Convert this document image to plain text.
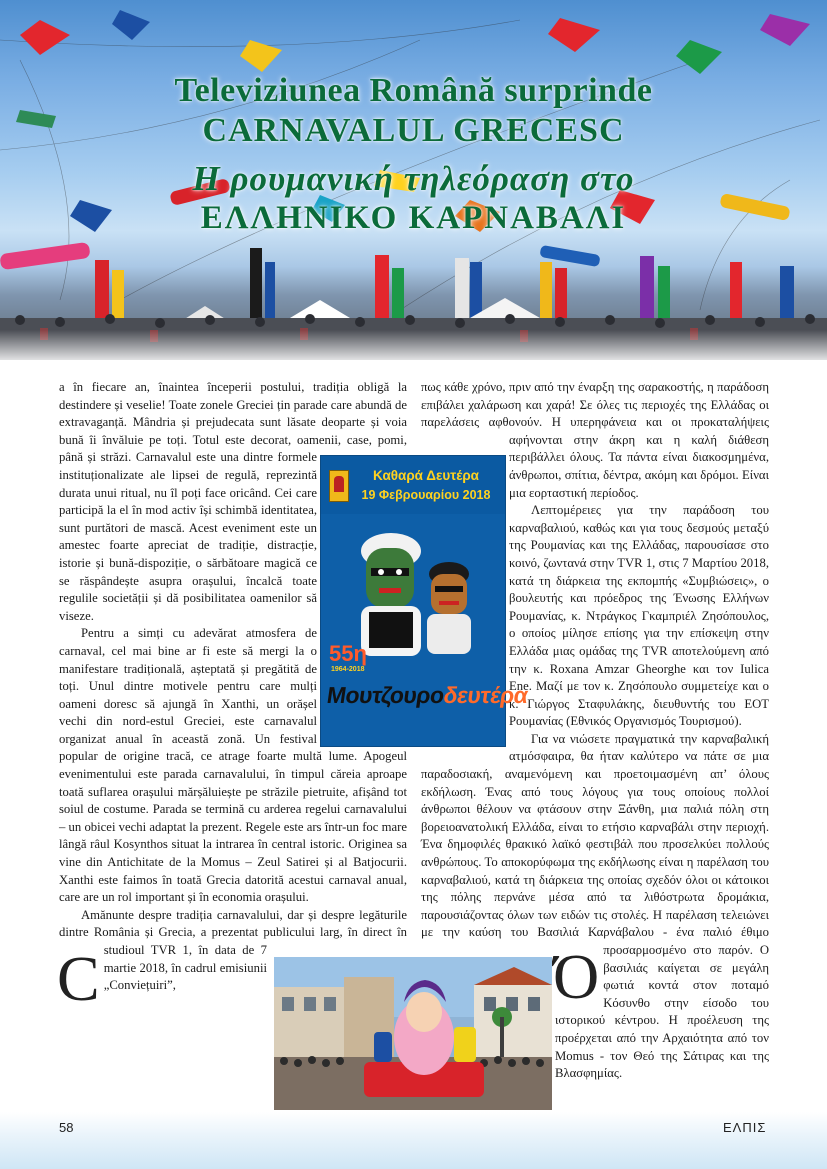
Televiziunea Română surprinde
CARNAVALUL GRECESC
Η ρουμανική τηλεόραση στο
ΕΛΛΗΝΙΚΟ ΚΑΡΝΑΒΑΛΙ
Καθαρά Δευτέρα
19 Φεβρουαρίου 2018
55η
1964-2018
Μουτζουροδευτέρα

C
a în fiecare an, înaintea începerii postului, tradiția obligă la destindere și veselie! Toate zonele Greciei țin parade care abundă de extravaganță. Mândria și prejudecata sunt lăsate deoparte și voia bună îi învăluie pe toți. Totul este decorat, oamenii, case, pomi, până și străzi. Carnavalul este una dintre formele instituționalizate ale lipsei de regulă, reprezintă durata unui ritual, nu îl poți face oricând. Cei care participă la el în mod activ își schimbă identitatea, sunt purtători de mască. Acest eveniment este un amestec foarte apreciat de tradiție, distracție, istorie și bună-dispoziție, o sărbătoare magică ce se răspândește asupra orașului, încalcă toate regulile societății și dă posibilitatea oamenilor să viseze.

Pentru a simți cu adevărat atmosfera de carnaval, cel mai bine ar fi este să mergi la o manifestare tradițională, așteptată și pregătită de toți. Unul dintre motivele pentru care mulți oameni doresc să ajungă în Xanthi, un orășel vechi din nord-estul Greciei, este carnavalul organizat anual în această zonă. Un festival popular de origine tracă, ce atrage foarte multă lume. Apogeul evenimentului este parada carnavalului, în timpul căreia aproape toată suflarea orașului mărșăluiește pe străzile pietruite, afișând tot soiul de costume. Parada se termină cu arderea regelui carnavalului – un obicei vechi adaptat la prezent. Regele este ars într-un foc mare lângă râul Kosynthos situat la intrarea în central istoric. Originea sa vine din Antichitate de la Momus – Zeul Satirei și al Batjocurii. Xanthi este faimos în toată Grecia datorită acestui carnaval anual, care are un rol important și în economia orașului.

Amănunte despre tradiția carnavalului, dar și despre legăturile dintre România și Grecia, a prezentat publicului larg, în direct în studioul TVR 1, în data de 7 martie 2018, în cadrul emisiunii „Conviețuiri”,	Ό
πως κάθε χρόνο, πριν από την έναρξη της σαρακοστής, η παράδοση επιβάλει χαλάρωση και χαρά! Σε όλες τις περιοχές της Ελλάδας οι παρελάσεις αφθονούν. Η υπερηφάνεια και οι προκαταλήψεις αφήνονται στην άκρη και η καλή διάθεση περιβάλλει όλους. Τα πάντα είναι διακοσμημένα, άνθρωποι, σπίτια, δέντρα, ακόμη και δρόμοι. Είναι μια εορταστική περίοδος.

Λεπτομέρειες για την παράδοση του καρναβαλιού, καθώς και για τους δεσμούς μεταξύ της Ρουμανίας και της Ελλάδας, παρουσίασε στο κοινό, ζωντανά στην TVR 1, στις 7 Μαρτίου 2018, κατά τη διάρκεια της εκπομπής «Συμβιώσεις», ο βουλευτής και πρόεδρος της Ένωσης Ελλήνων Ρουμανίας, κ. Ντράγκος Γκαμπριέλ Ζησόπουλος, ο οποίος μίλησε επίσης για την επίσκεψη στην Ελλάδα μιας ομάδας της TVR αποτελούμενη από την κ. Roxana Amzar Gheorghe και τον Iulica Ene. Μαζί με τον κ. Ζησόπουλο συμμετείχε και ο κ. Γιώργος Σταφυλάκης, διευθυντής του ΕΟΤ Ρουμανίας (Εθνικός Οργανισμός Τουρισμού).

Για να νιώσετε πραγματικά την καρναβαλική ατμόσφαιρα, θα ήταν καλύτερο να πάτε σε μια παραδοσιακή, αναμενόμενη και προετοιμασμένη απ’ όλους εκδήλωση. Ένας από τους λόγους για τους οποίους πολλοί άνθρωποι θέλουν να φτάσουν στην Ξάνθη, μια παλιά πόλη στη βορειοανατολική Ελλάδα, είναι το ετήσιο καρναβάλι στην περιοχή. Ένα δημοφιλές θρακικό λαϊκό φεστιβάλ που προσελκύει πολλούς ανθρώπους. Το αποκορύφωμα της εκδήλωσης είναι η παρέλαση του καρναβαλιού, κατά τη διάρκεια της οποίας σχεδόν όλοι οι κάτοικοι της πόλης περνάνε μέσα από τα λιθόστρωτα δρομάκια, παρουσιάζοντας όλων των ειδών τις στολές. Η παρέλαση τελειώνει με την καύση του Βασιλιά Καρνάβαλου - ένα παλιό έθιμο προσαρμοσμένο στο παρόν. Ο βασιλιάς καίγεται σε μεγάλη φωτιά κοντά στον ποταμό Κόσυνθο στην είσοδο του ιστορικού κέντρου. Η προέλευση της προέρχεται από την Αρχαιότητα από τον Momus - τον Θεό της Σάτιρας και της Βλασφημίας.

58	ΕΛΠΙΣ
